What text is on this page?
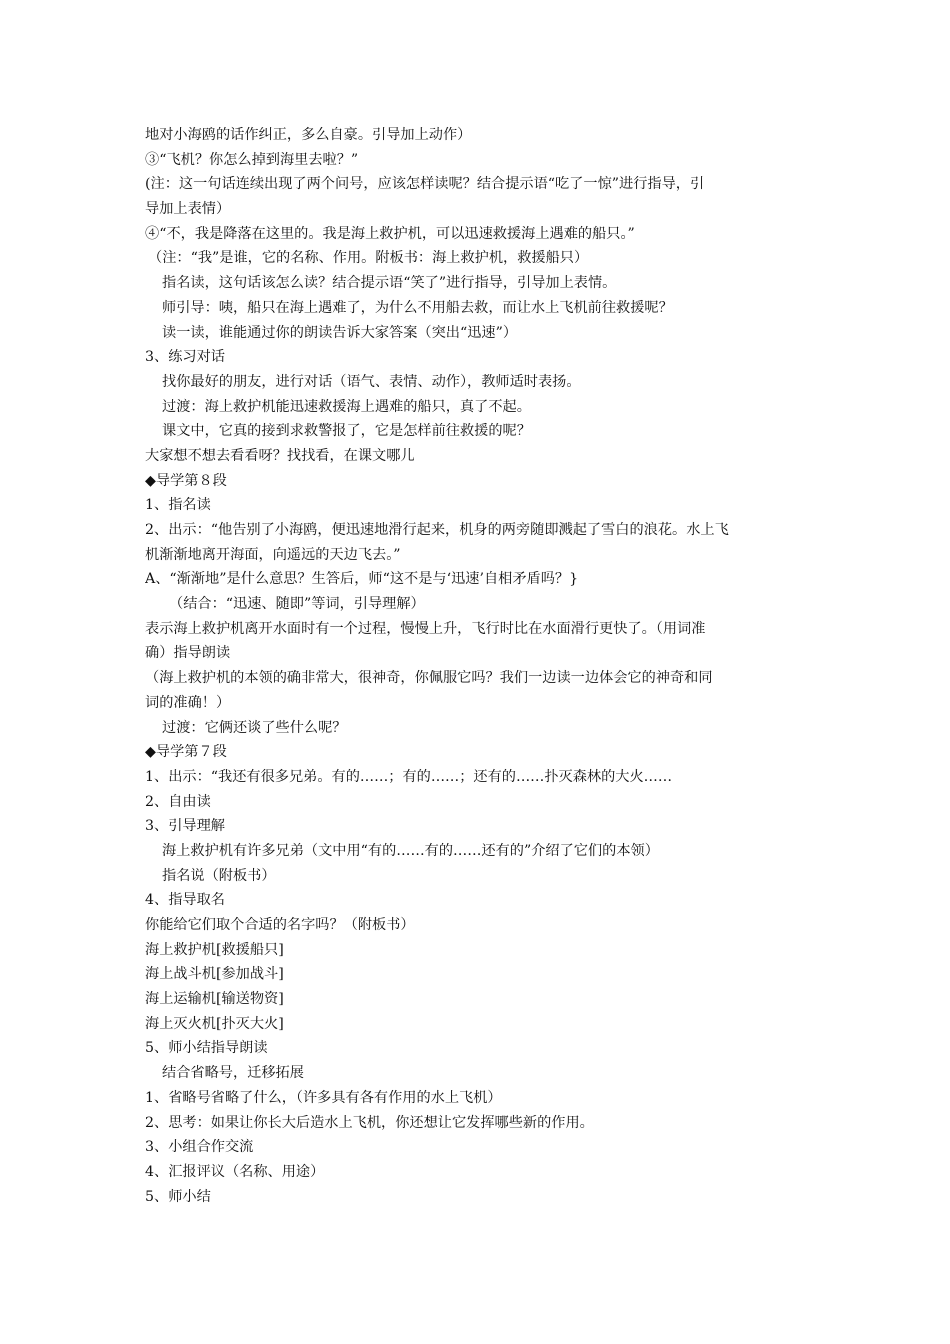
地对小海鸥的话作纠正，多么自豪。引导加上动作）
③“飞机？你怎么掉到海里去啦？”
(注：这一句话连续出现了两个问号，应该怎样读呢？结合提示语“吃了一惊”进行指导，引
导加上表情）
④“不，我是降落在这里的。我是海上救护机，可以迅速救援海上遇难的船只。”
（注：“我”是谁，它的名称、作用。附板书：海上救护机，救援船只）
指名读，这句话该怎么读？结合提示语“笑了”进行指导，引导加上表情。
师引导：咦，船只在海上遇难了，为什么不用船去救，而让水上飞机前往救援呢？
读一读，谁能通过你的朗读告诉大家答案（突出“迅速”）
3、练习对话
找你最好的朋友，进行对话（语气、表情、动作），教师适时表扬。
过渡：海上救护机能迅速救援海上遇难的船只，真了不起。
课文中，它真的接到求救警报了，它是怎样前往救援的呢？
大家想不想去看看呀？找找看，在课文哪儿
◆导学第８段
1、指名读
2、出示：“他告别了小海鸥，便迅速地滑行起来，机身的两旁随即溅起了雪白的浪花。水上飞
机渐渐地离开海面，向遥远的天边飞去。”
A、“渐渐地”是什么意思？生答后，师“这不是与‘迅速’自相矛盾吗？}
（结合：“迅速、随即”等词，引导理解）
表示海上救护机离开水面时有一个过程，慢慢上升，飞行时比在水面滑行更快了。（用词准
确）指导朗读
（海上救护机的本领的确非常大，很神奇，你佩服它吗？我们一边读一边体会它的神奇和同
词的准确！）
过渡：它俩还谈了些什么呢？
◆导学第７段
1、出示：“我还有很多兄弟。有的……；有的……；还有的……扑灭森林的大火……
2、自由读
3、引导理解
海上救护机有许多兄弟（文中用“有的……有的……还有的”介绍了它们的本领）
指名说（附板书）
4、指导取名
你能给它们取个合适的名字吗？（附板书）
海上救护机[救援船只]
海上战斗机[参加战斗]
海上运输机[输送物资]
海上灭火机[扑灭大火]
5、师小结指导朗读
结合省略号，迁移拓展
1、省略号省略了什么，（许多具有各有作用的水上飞机）
2、思考：如果让你长大后造水上飞机，你还想让它发挥哪些新的作用。
3、小组合作交流
4、汇报评议（名称、用途）
5、师小结
